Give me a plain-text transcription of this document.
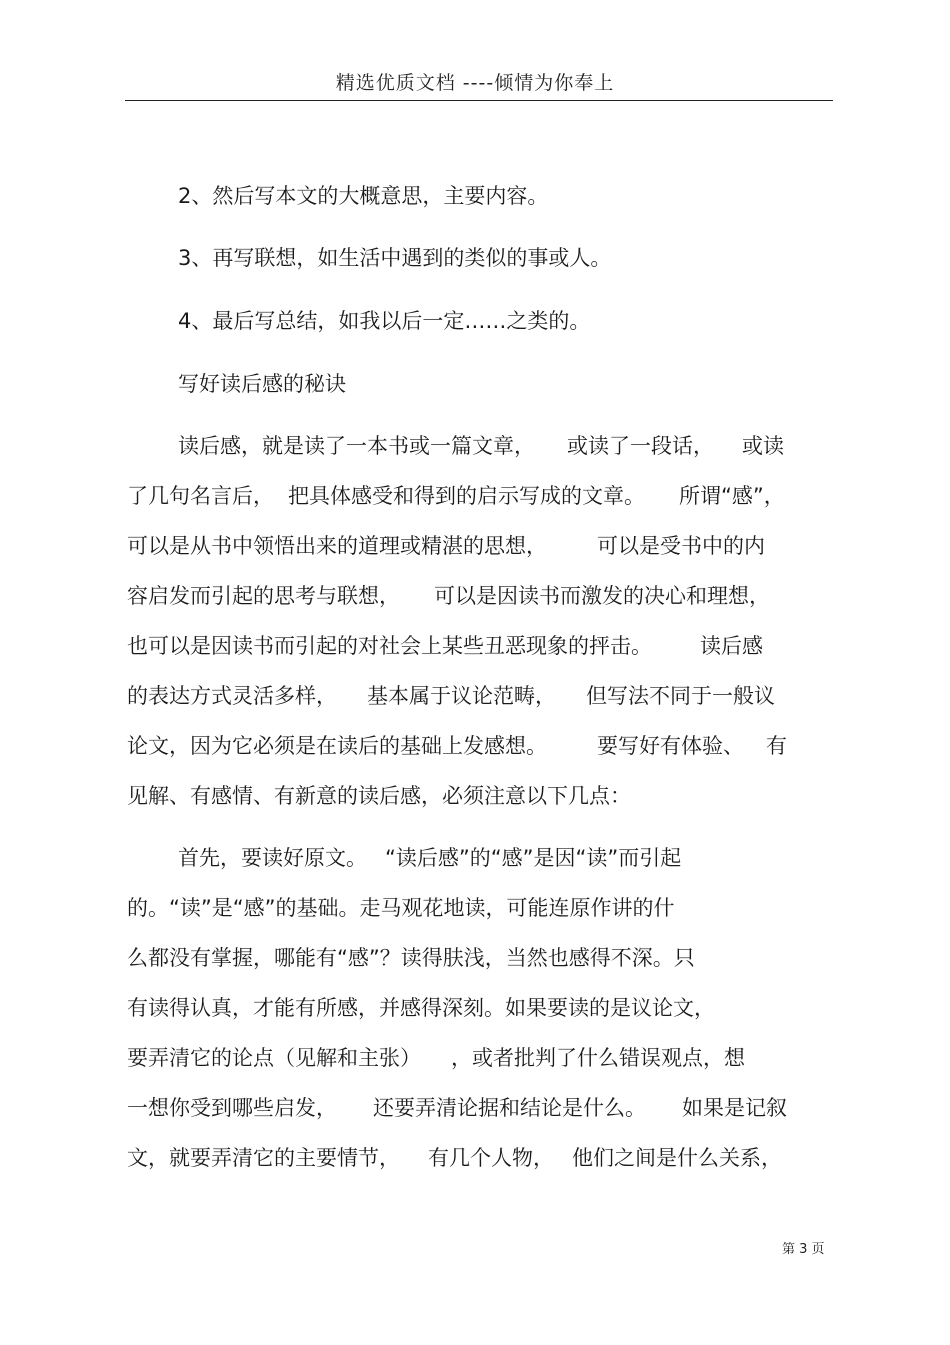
精选优质文档 ----倾情为你奉上
2、然后写本文的大概意思，主要内容。
3、再写联想，如生活中遇到的类似的事或人。
4、最后写总结，如我以后一定……之类的。
写好读后感的秘诀
读后感，就是读了一本书或一篇文章， 或读了一段话， 或读
了几句名言后， 把具体感受和得到的启示写成的文章。 所谓“感”，
可以是从书中领悟出来的道理或精湛的思想， 可以是受书中的内
容启发而引起的思考与联想， 可以是因读书而激发的决心和理想，
也可以是因读书而引起的对社会上某些丑恶现象的抨击。 读后感
的表达方式灵活多样， 基本属于议论范畴， 但写法不同于一般议
论文，因为它必须是在读后的基础上发感想。 要写好有体验、 有
见解、有感情、有新意的读后感，必须注意以下几点：
首先，要读好原文。 “读后感”的“感”是因“读”而引起
的。“读”是“感”的基础。走马观花地读，可能连原作讲的什
么都没有掌握，哪能有“感”？读得肤浅，当然也感得不深。只
有读得认真，才能有所感，并感得深刻。如果要读的是议论文，
要弄清它的论点（见解和主张） ，或者批判了什么错误观点，想
一想你受到哪些启发， 还要弄清论据和结论是什么。 如果是记叙
文，就要弄清它的主要情节， 有几个人物， 他们之间是什么关系，
第 3 页
